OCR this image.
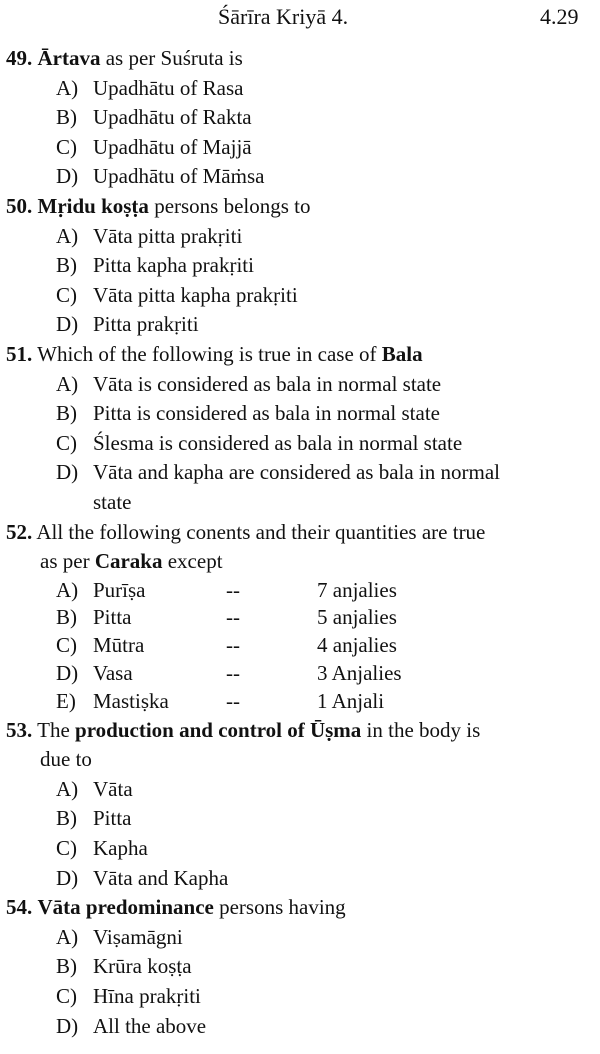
Śārīra Kriyā 4.	4.29
49. Ārtava as per Suśruta is
A) Upadhātu of Rasa
B) Upadhātu of Rakta
C) Upadhātu of Majjā
D) Upadhātu of Māṁsa
50. Mṛidu koṣṭa persons belongs to
A) Vāta pitta prakṛiti
B) Pitta kapha prakṛiti
C) Vāta pitta kapha prakṛiti
D) Pitta prakṛiti
51. Which of the following is true in case of Bala
A) Vāta is considered as bala in normal state
B) Pitta is considered as bala in normal state
C) Ślesma is considered as bala in normal state
D) Vāta and kapha are considered as bala in normal
state
52. All the following conents and their quantities are true
as per Caraka except
A) Purīṣa	--	7 anjalies
B) Pitta	--	5 anjalies
C) Mūtra	--	4 anjalies
D) Vasa	--	3 Anjalies
E) Mastiṣka	--	1 Anjali
53. The production and control of Ūṣma in the body is
due to
A) Vāta
B) Pitta
C) Kapha
D) Vāta and Kapha
54. Vāta predominance persons having
A) Viṣamāgni
B) Krūra koṣṭa
C) Hīna prakṛiti
D) All the above
